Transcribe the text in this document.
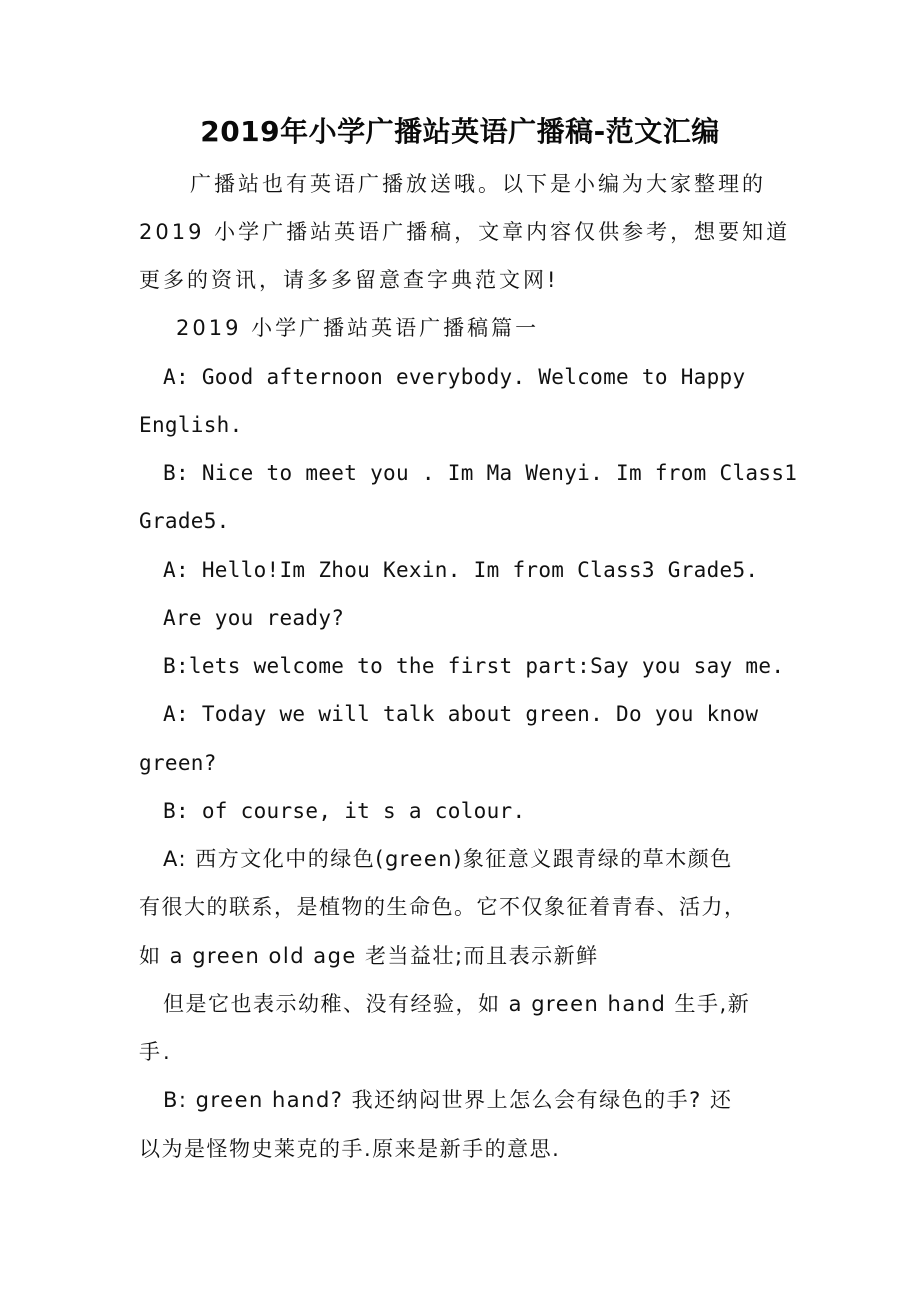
2019年小学广播站英语广播稿-范文汇编
广播站也有英语广播放送哦。以下是小编为大家整理的
2019 小学广播站英语广播稿，文章内容仅供参考，想要知道
更多的资讯，请多多留意查字典范文网!
2019 小学广播站英语广播稿篇一
A: Good afternoon everybody. Welcome to Happy
English.
B: Nice to meet you . Im Ma Wenyi. Im from Class1
Grade5.
A: Hello!Im Zhou Kexin. Im from Class3 Grade5.
Are you ready?
B:lets welcome to the first part:Say you say me.
A: Today we will talk about green. Do you know
green?
B: of course, it s a colour.
A: 西方文化中的绿色(green)象征意义跟青绿的草木颜色
有很大的联系，是植物的生命色。它不仅象征着青春、活力，
如 a green old age 老当益壮;而且表示新鲜
但是它也表示幼稚、没有经验，如 a green hand 生手,新
手.
B: green hand? 我还纳闷世界上怎么会有绿色的手? 还
以为是怪物史莱克的手.原来是新手的意思.
